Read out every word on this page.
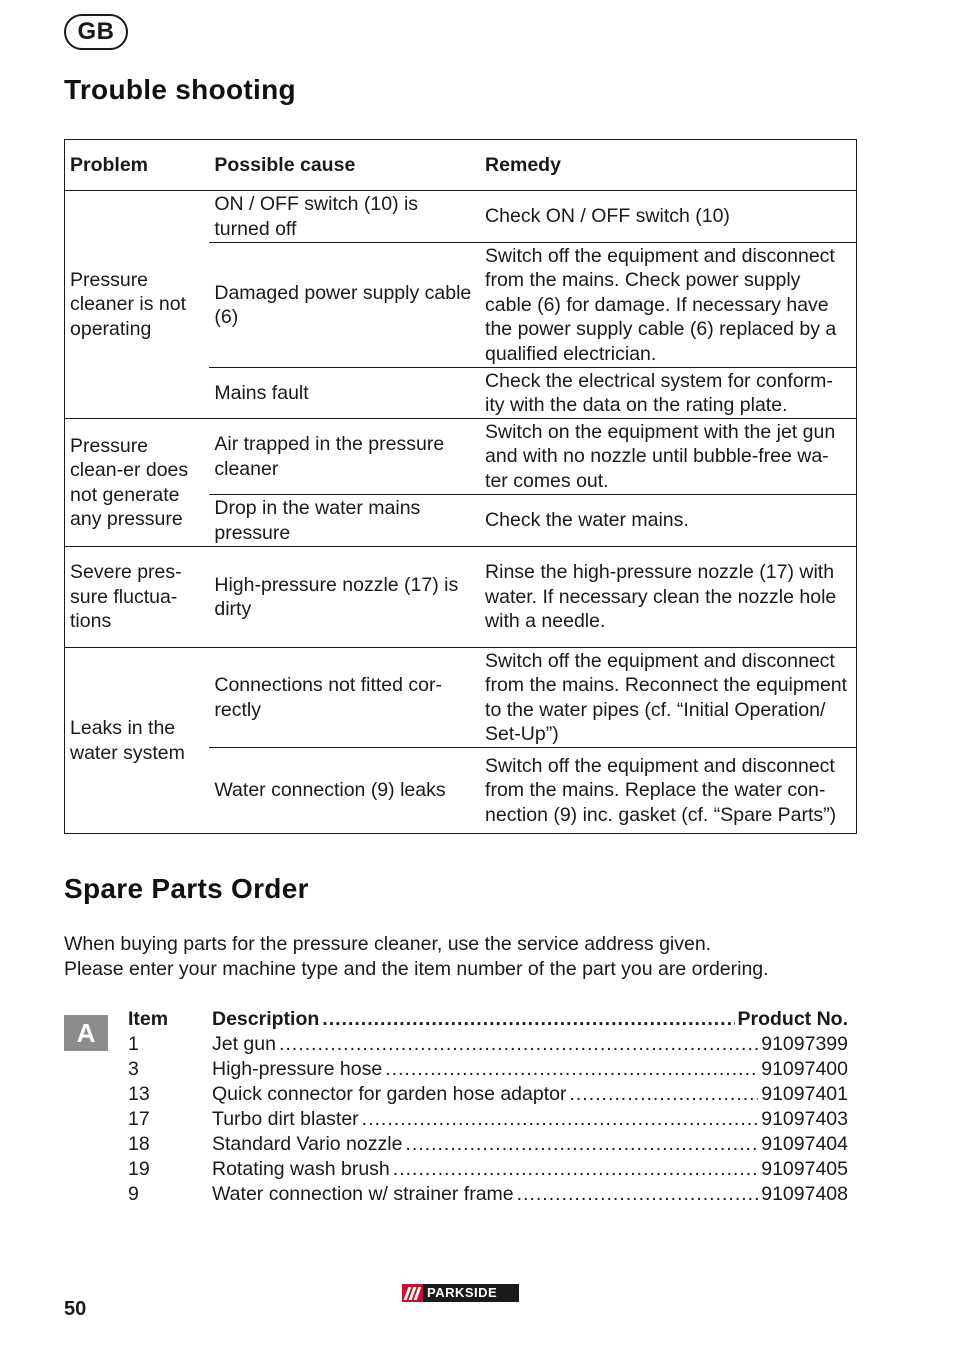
GB
Trouble shooting
Problem	Possible cause	Remedy
Pressure cleaner is not operating	ON / OFF switch (10) is turned off	Check ON / OFF switch (10)
	Damaged power supply cable (6)	Switch off the equipment and disconnect from the mains. Check power supply cable (6) for damage. If necessary have the power supply cable (6) replaced by a qualified electrician.
	Mains fault	Check the electrical system for conform-ity with the data on the rating plate.
Pressure clean-er does not generate any pressure	Air trapped in the pressure cleaner	Switch on the equipment with the jet gun and with no nozzle until bubble-free wa-ter comes out.
	Drop in the water mains pressure	Check the water mains.
Severe pres-sure fluctua-tions	High-pressure nozzle (17) is dirty	Rinse the high-pressure nozzle (17) with water. If necessary clean the nozzle hole with a needle.
Leaks in the water system	Connections not fitted cor-rectly	Switch off the equipment and disconnect from the mains. Reconnect the equipment to the water pipes (cf. “Initial Operation/ Set-Up”)
	Water connection (9) leaks	Switch off the equipment and disconnect from the mains. Replace the water con-nection (9) inc. gasket (cf. “Spare Parts”)
Spare Parts Order

When buying parts for the pressure cleaner, use the service address given.

Please enter your machine type and the item number of the part you are ordering.

A	Item	Description .....	Product No.
1	Jet gun .....	91097399
3	High-pressure hose .....	91097400
13	Quick connector for garden hose adaptor .....	91097401
17	Turbo dirt blaster .....	91097403
18	Standard Vario nozzle .....	91097404
19	Rotating wash brush .....	91097405
9	Water connection w/ strainer frame .....	91097408
50
PARKSIDE
